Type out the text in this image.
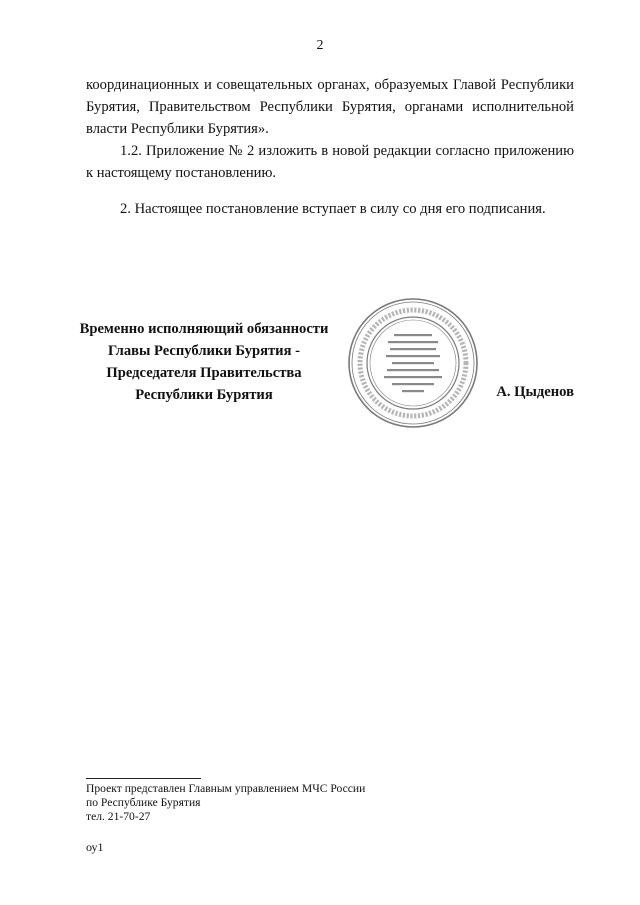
2

координационных и совещательных органах, образуемых Главой Республики Бурятия, Правительством Республики Бурятия, органами исполнительной власти Республики Бурятия».

1.2. Приложение № 2 изложить в новой редакции согласно приложению к настоящему постановлению.

2. Настоящее постановление вступает в силу со дня его подписания.

Временно исполняющий обязанности
Главы Республики Бурятия -
Председателя Правительства
Республики Бурятия	А. Цыденов
Проект представлен Главным управлением МЧС России
по Республике Бурятия
тел. 21-70-27
оу1
